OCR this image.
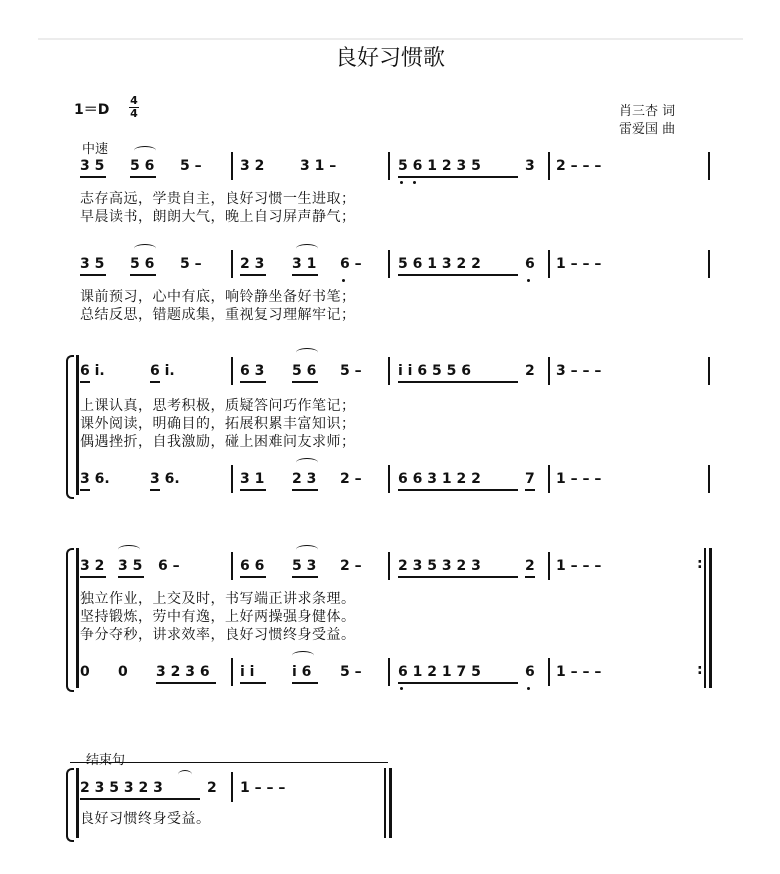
良好习惯歌
1＝D
4
4	肖三杏 词
雷爱国 曲
中速
3 5 5 6 5 –	3 2	3 1 –	5 6 1 2 3 5	3 2 – – –
志存高远，学贵自主，良好习惯一生进取；
早晨读书，朗朗大气，晚上自习屏声静气；
3 5 5 6 5 –	2 3 3 1 6 –	5 6 1 3 2 2	6 1 – – –
课前预习，心中有底，响铃静坐备好书笔；
总结反思，错题成集，重视复习理解牢记；
6 i.	6 i.	6 3 5 6 5 –	i i 6 5 5 6	2 3 – – –
上课认真，思考积极，质疑答问巧作笔记；
课外阅读，明确目的，拓展积累丰富知识；
偶遇挫折，自我激励，碰上困难问友求师；
3 6.	3 6.	3 1 2 3 2 –	6 6 3 1 2 2	7 1 – – –
3 2 3 5 6 –	6 6 5 3 2 –	2 3 5 3 2 3	2 1 – – –
独立作业，上交及时，书写端正讲求条理。
坚持锻炼，劳中有逸，上好两操强身健体。
争分夺秒，讲求效率，良好习惯终身受益。
0 0 3 2 3 6 i i	i 6 5 –	6 1 2 1 7 5	6 1 – – –
:
:
结束句
2 3 5 3 2 3	2 1 – – –
良好习惯终身受益。
